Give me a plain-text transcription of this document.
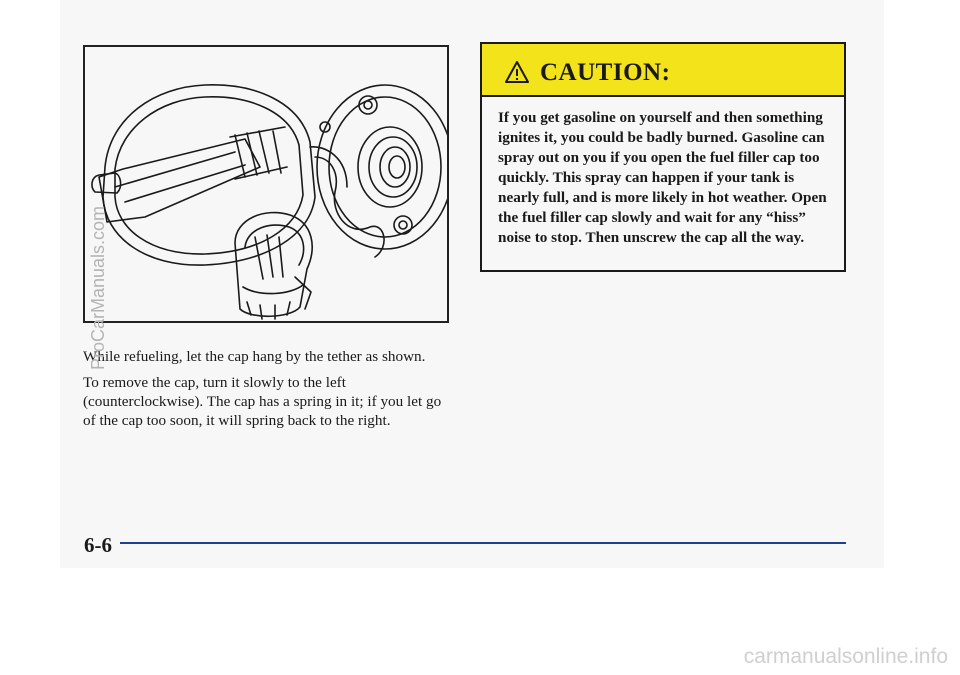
While refueling, let the cap hang by the tether as shown.

To remove the cap, turn it slowly to the left (counterclockwise). The cap has a spring in it; if you let go of the cap too soon, it will spring back to the right.

CAUTION:

If you get gasoline on yourself and then something ignites it, you could be badly burned. Gasoline can spray out on you if you open the fuel filler cap too quickly. This spray can happen if your tank is nearly full, and is more likely in hot weather. Open the fuel filler cap slowly and wait for any “hiss” noise to stop. Then unscrew the cap all the way.

6-6
ProCarManuals.com
carmanualsonline.info
